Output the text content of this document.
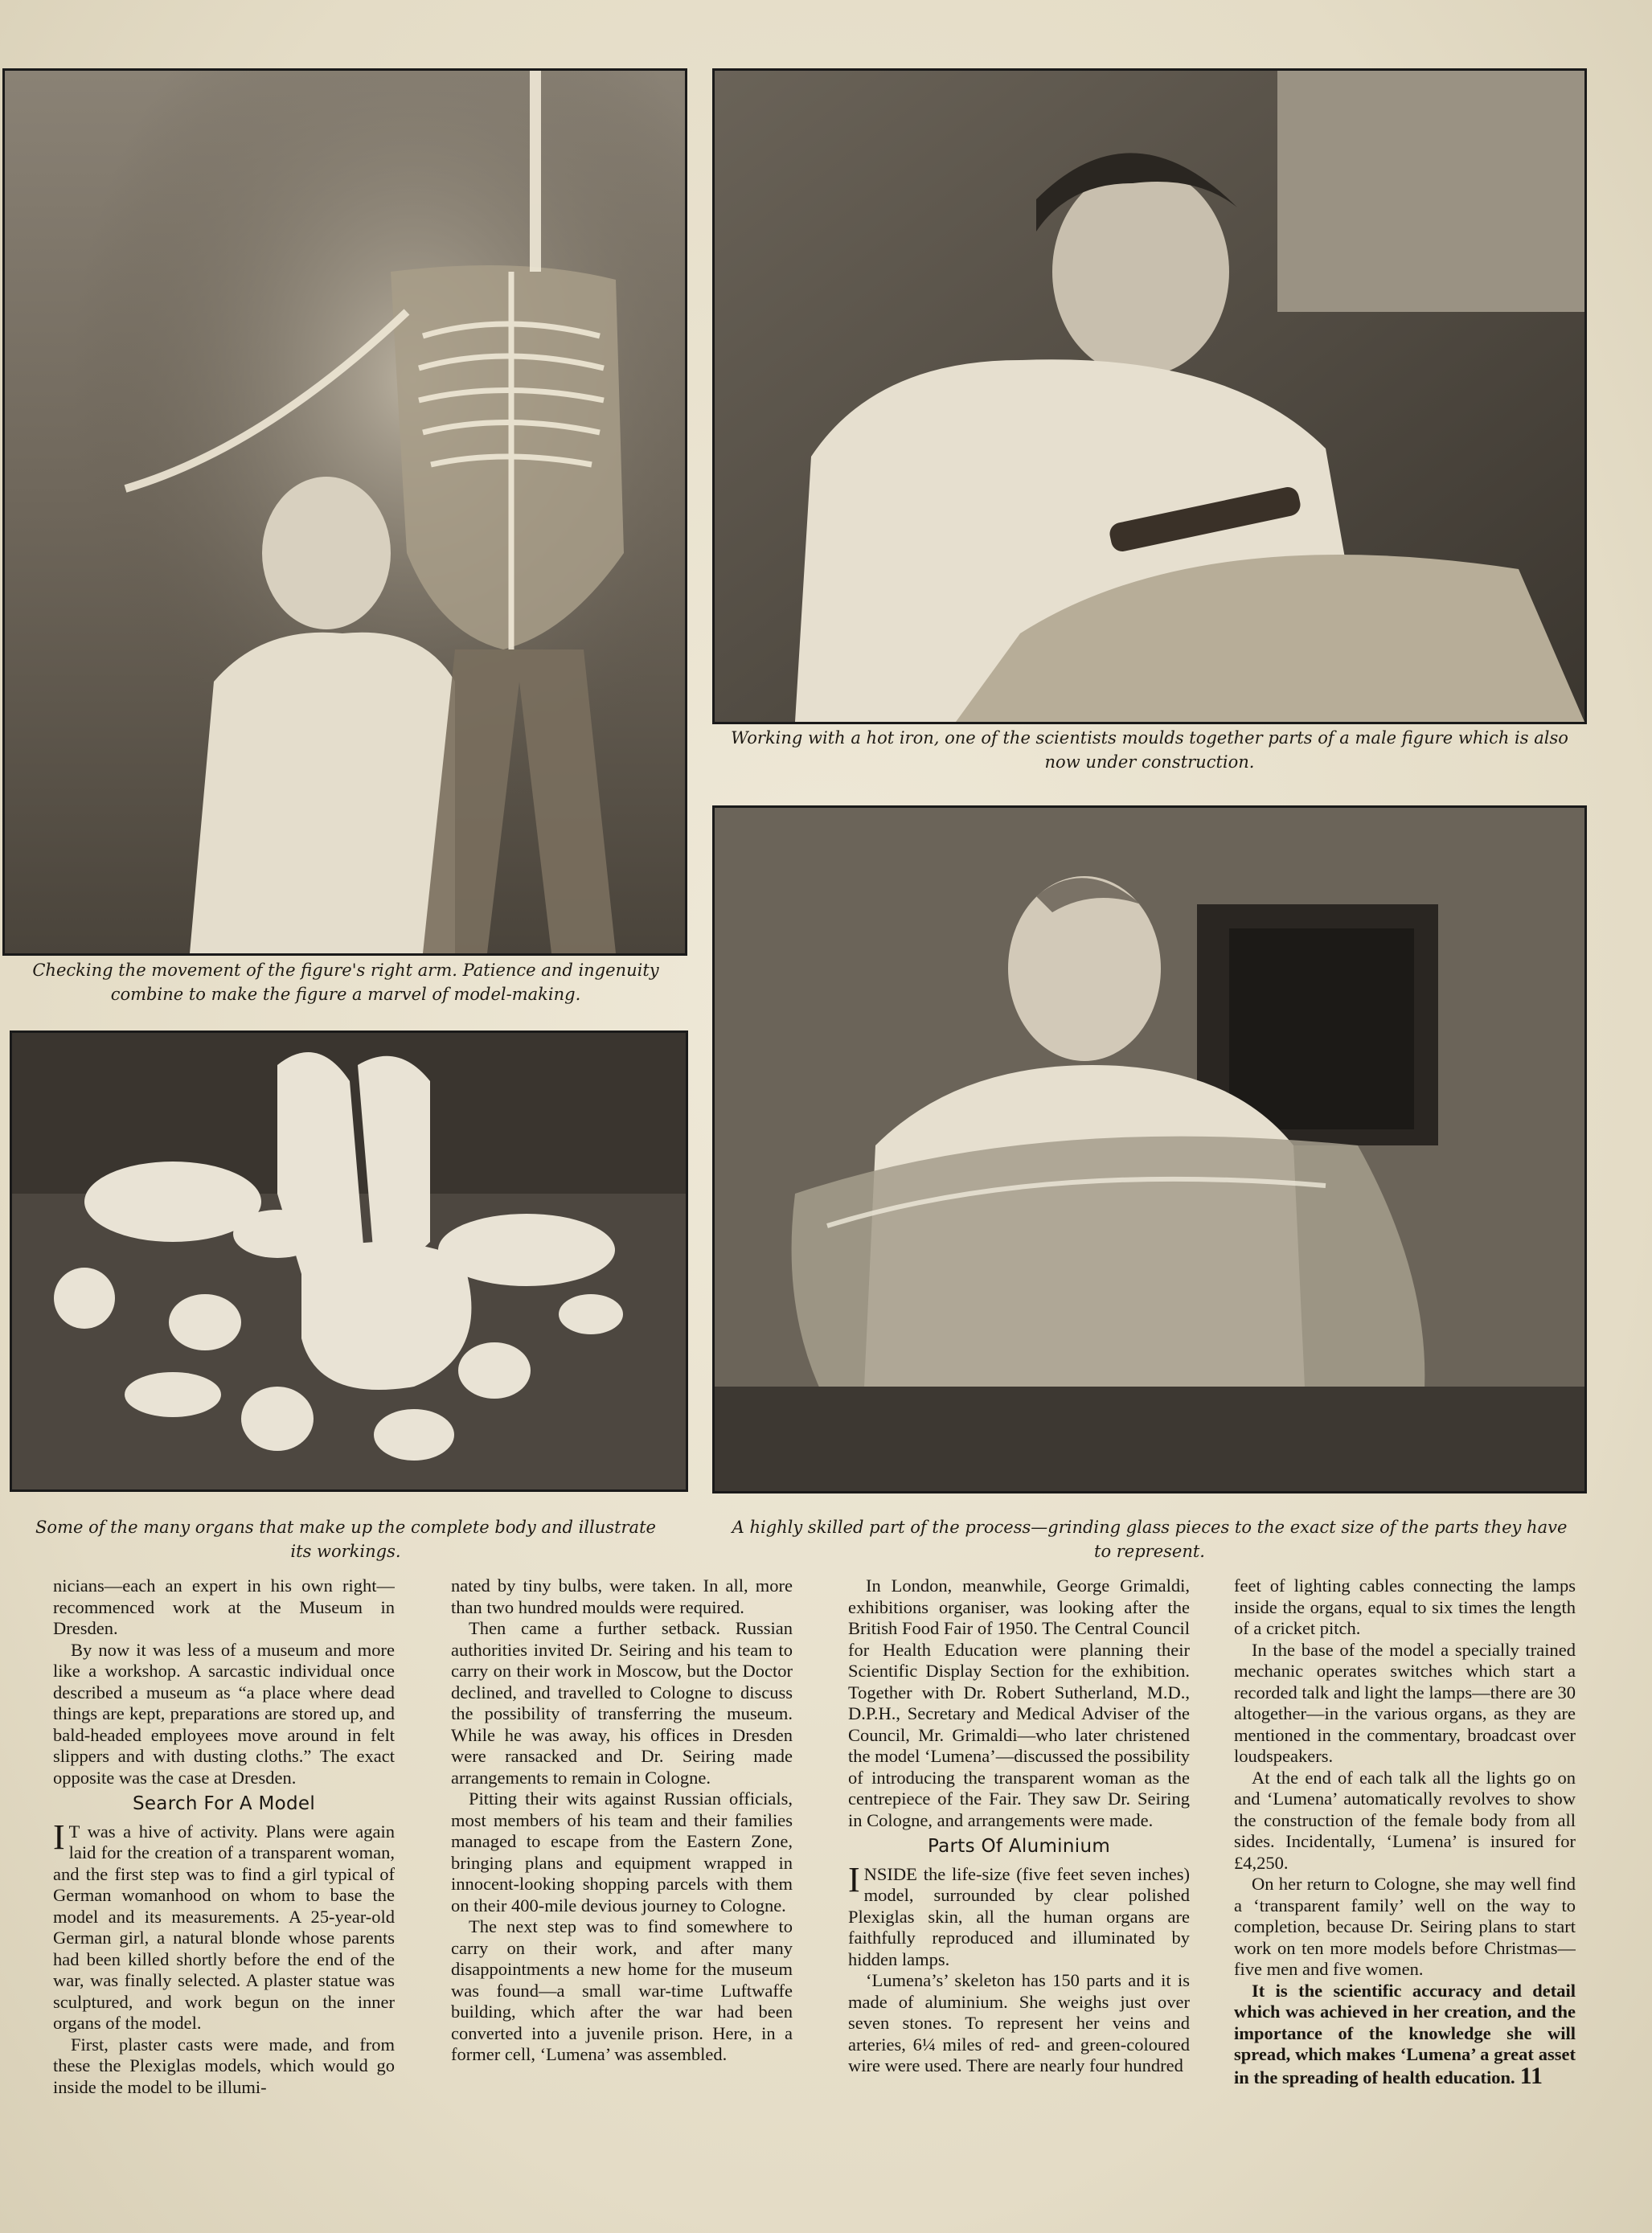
Checking the movement of the figure's right arm. Patience and ingenuity combine to make the figure a marvel of model-making.
Working with a hot iron, one of the scientists moulds together parts of a male figure which is also now under construction.
Some of the many organs that make up the complete body and illustrate its workings.
A highly skilled part of the process—grinding glass pieces to the exact size of the parts they have to represent.

nicians—each an expert in his own right—recommenced work at the Museum in Dresden.

By now it was less of a museum and more like a workshop. A sarcastic individual once described a museum as “a place where dead things are kept, preparations are stored up, and bald-headed employees move around in felt slippers and with dusting cloths.” The exact opposite was the case at Dresden.

Search For A Model

I T was a hive of activity. Plans were again laid for the creation of a transparent woman, and the first step was to find a girl typical of German womanhood on whom to base the model and its measurements. A 25-year-old German girl, a natural blonde whose parents had been killed shortly before the end of the war, was finally selected. A plaster statue was sculptured, and work begun on the inner organs of the model.

First, plaster casts were made, and from these the Plexiglas models, which would go inside the model to be illumi-

nated by tiny bulbs, were taken. In all, more than two hundred moulds were required.

Then came a further setback. Russian authorities invited Dr. Seiring and his team to carry on their work in Moscow, but the Doctor declined, and travelled to Cologne to discuss the possibility of transferring the museum. While he was away, his offices in Dresden were ransacked and Dr. Seiring made arrangements to remain in Cologne.

Pitting their wits against Russian officials, most members of his team and their families managed to escape from the Eastern Zone, bringing plans and equipment wrapped in innocent-looking shopping parcels with them on their 400-mile devious journey to Cologne.

The next step was to find somewhere to carry on their work, and after many disappointments a new home for the museum was found—a small war-time Luftwaffe building, which after the war had been converted into a juvenile prison. Here, in a former cell, ‘Lumena’ was assembled.

In London, meanwhile, George Grimaldi, exhibitions organiser, was looking after the British Food Fair of 1950. The Central Council for Health Education were planning their Scientific Display Section for the exhibition. Together with Dr. Robert Sutherland, M.D., D.P.H., Secretary and Medical Adviser of the Council, Mr. Grimaldi—who later christened the model ‘Lumena’—discussed the possibility of introducing the transparent woman as the centrepiece of the Fair. They saw Dr. Seiring in Cologne, and arrangements were made.

Parts Of Aluminium

INSIDE the life-size (five feet seven inches) model, surrounded by clear polished Plexiglas skin, all the human organs are faithfully reproduced and illuminated by hidden lamps.

‘Lumena’s’ skeleton has 150 parts and it is made of aluminium. She weighs just over seven stones. To represent her veins and arteries, 6¼ miles of red- and green-coloured wire were used. There are nearly four hundred

feet of lighting cables connecting the lamps inside the organs, equal to six times the length of a cricket pitch.

In the base of the model a specially trained mechanic operates switches which start a recorded talk and light the lamps—there are 30 altogether—in the various organs, as they are mentioned in the commentary, broadcast over loudspeakers.

At the end of each talk all the lights go on and ‘Lumena’ automatically revolves to show the construction of the female body from all sides. Incidentally, ‘Lumena’ is insured for £4,250.

On her return to Cologne, she may well find a ‘transparent family’ well on the way to completion, because Dr. Seiring plans to start work on ten more models before Christmas—five men and five women.

It is the scientific accuracy and detail which was achieved in her creation, and the importance of the knowledge she will spread, which makes ‘Lumena’ a great asset in the spreading of health education. 11
